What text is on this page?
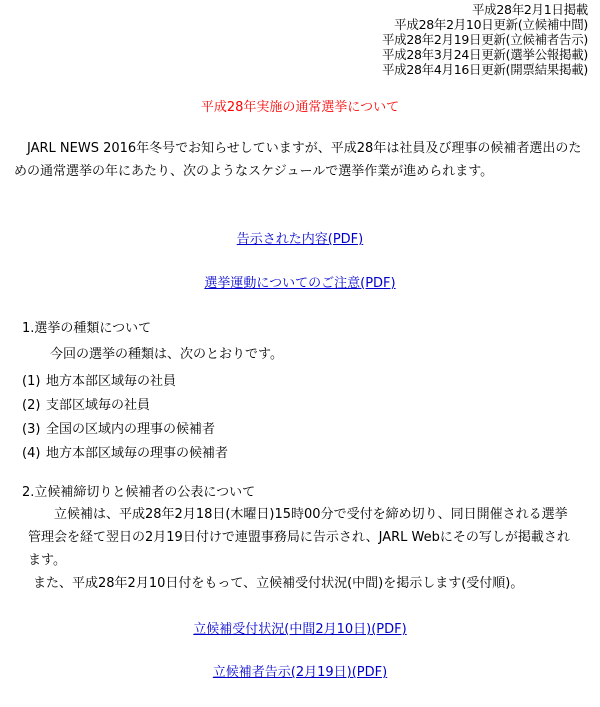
平成28年2月1日掲載
平成28年2月10日更新(立候補中間)
平成28年2月19日更新(立候補者告示)
平成28年3月24日更新(選挙公報掲載)
平成28年4月16日更新(開票結果掲載)
平成28年実施の通常選挙について

JARL NEWS 2016年冬号でお知らせしていますが、平成28年は社員及び理事の候補者選出のための通常選挙の年にあたり、次のようなスケジュールで選挙作業が進められます。

告示された内容(PDF)
選挙運動についてのご注意(PDF)
1.選挙の種類について
今回の選挙の種類は、次のとおりです。
(1) 地方本部区域毎の社員
(2) 支部区域毎の社員
(3) 全国の区域内の理事の候補者
(4) 地方本部区域毎の理事の候補者
2.立候補締切りと候補者の公表について

立候補は、平成28年2月18日(木曜日)15時00分で受付を締め切り、同日開催される選挙管理会を経て翌日の2月19日付けで連盟事務局に告示され、JARL Webにその写しが掲載されます。

また、平成28年2月10日付をもって、立候補受付状況(中間)を掲示します(受付順)。

立候補受付状況(中間2月10日)(PDF)
立候補者告示(2月19日)(PDF)
